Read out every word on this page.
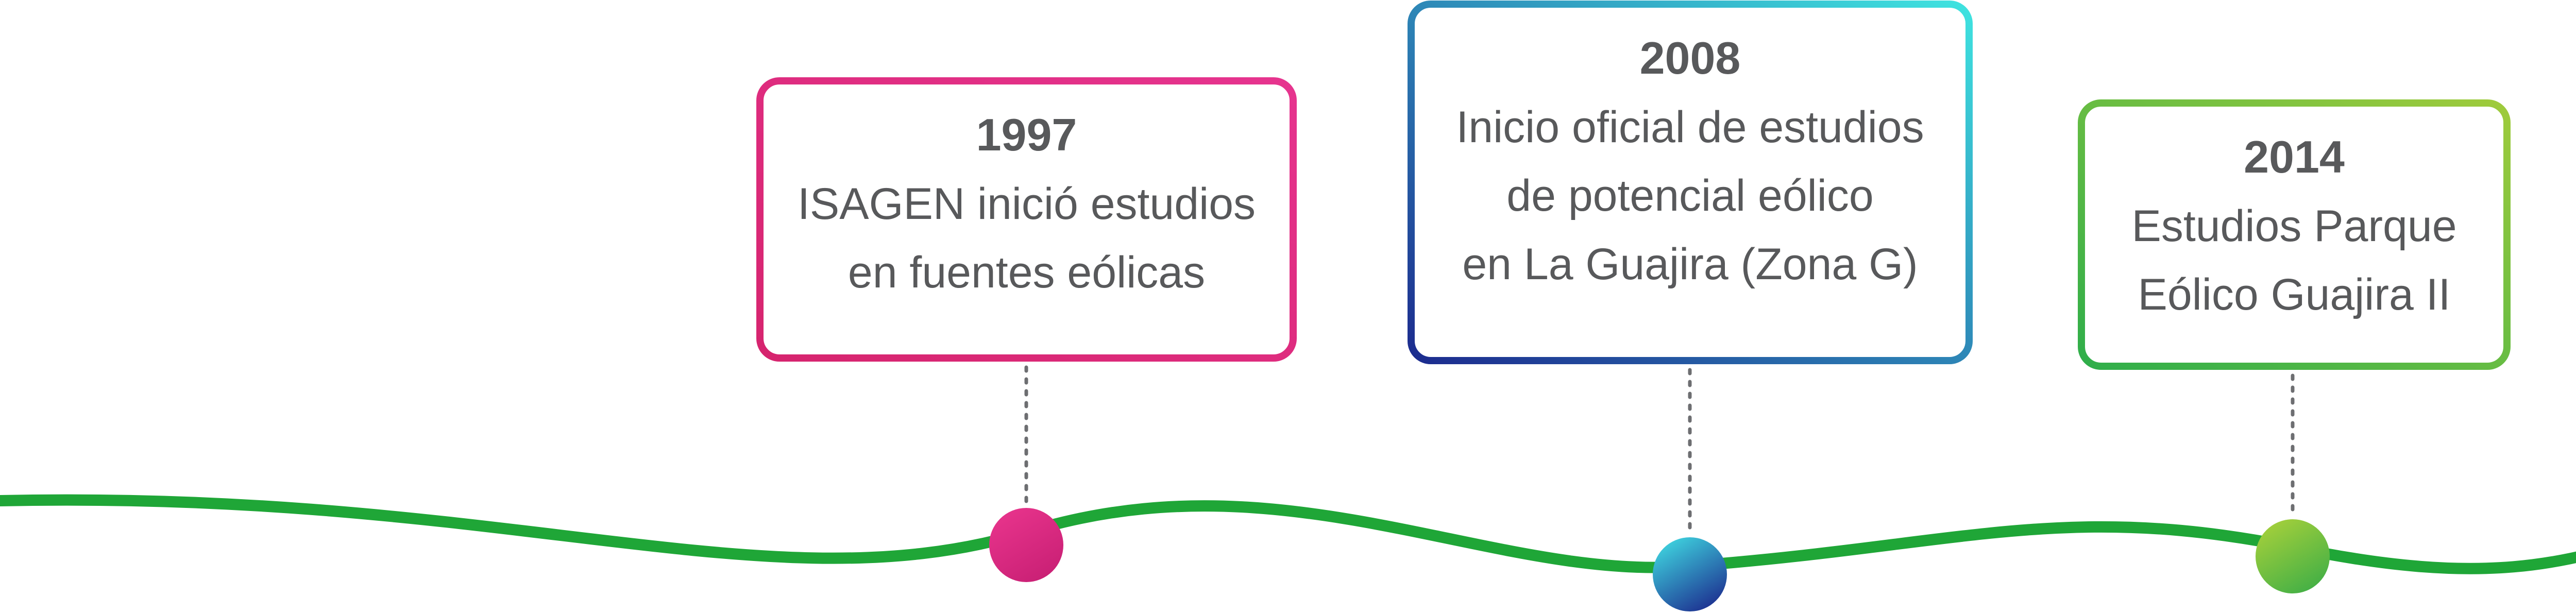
1997
ISAGEN inició estudios
en fuentes eólicas
2008
Inicio oficial de estudios
de potencial eólico
en La Guajira (Zona G)
2014
Estudios Parque
Eólico Guajira II
